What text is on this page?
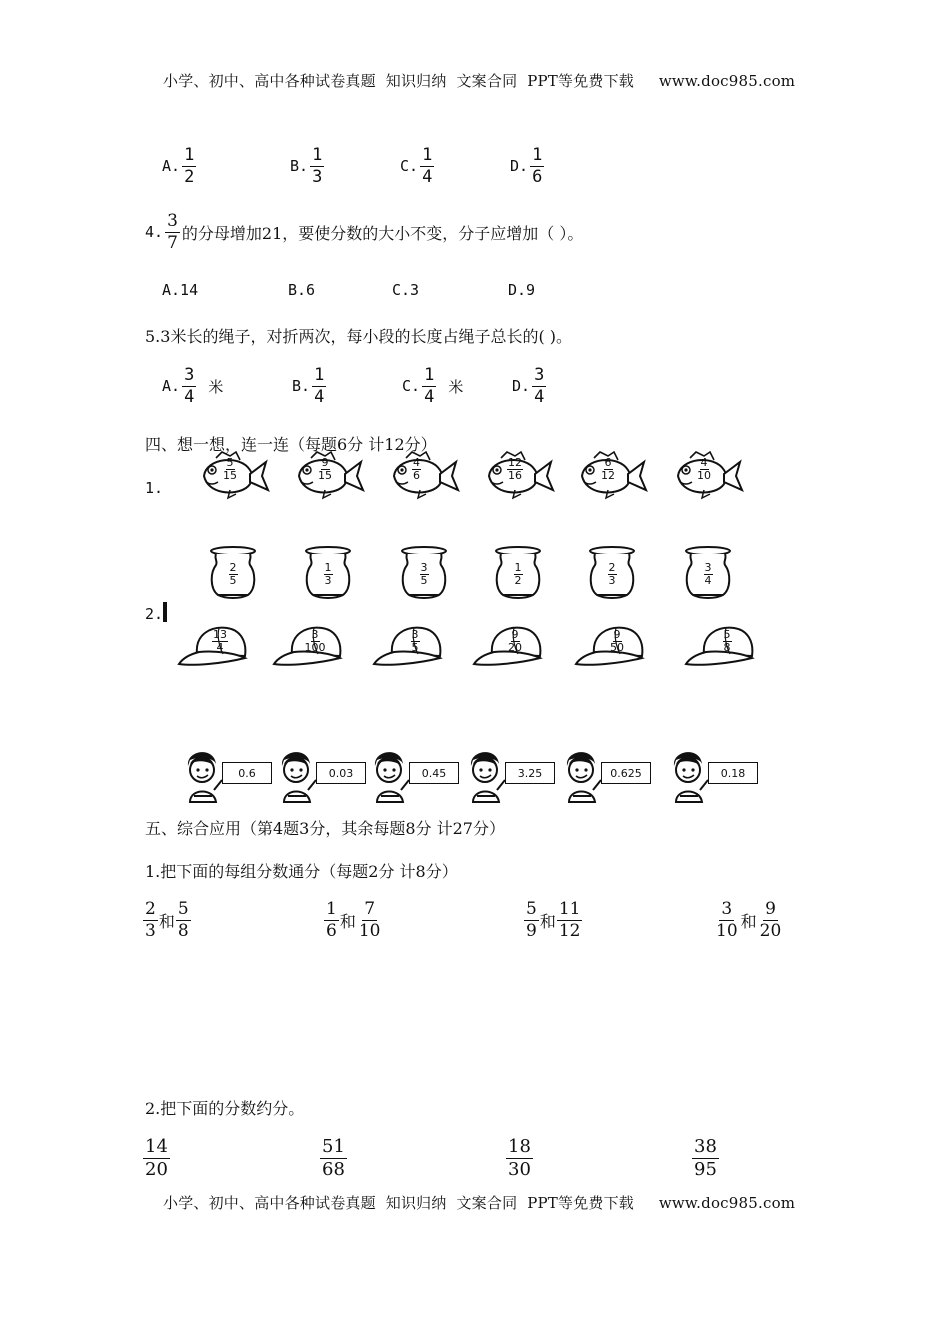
小学、初中、高中各种试卷真题  知识归纳  文案合同  PPT等免费下载     www.doc985.com
A. $\frac{1}{2}$	B. $\frac{1}{3}$	C. $\frac{1}{4}$	D. $\frac{1}{6}$
4. $\frac{3}{7}$ 的分母增加21，要使分数的大小不变，分子应增加（ ）。
A.14	B.6	C.3	D.9
5.3米长的绳子，对折两次，每小段的长度占绳子总长的( )。
A. $\frac{3}{4}$ 米	B. $\frac{1}{4}$	C. $\frac{1}{4}$ 米	D. $\frac{3}{4}$
四、想一想，连一连（每题6分 计12分）
1.
$\frac{5}{15}$	$\frac{9}{15}$	$\frac{4}{6}$	$\frac{12}{16}$	$\frac{6}{12}$	$\frac{4}{10}$
$\frac{2}{5}$	$\frac{1}{3}$	$\frac{3}{5}$	$\frac{1}{2}$	$\frac{2}{3}$	$\frac{3}{4}$
2.
$\frac{13}{4}$	$\frac{3}{100}$	$\frac{3}{5}$	$\frac{9}{20}$	$\frac{9}{50}$	$\frac{5}{8}$
0.6	0.03	0.45	3.25	0.625	0.18
五、综合应用（第4题3分，其余每题8分 计27分）
1.把下面的每组分数通分（每题2分 计8分）
$\frac{2}{3}$ 和 $\frac{5}{8}$	$\frac{1}{6}$ 和 $\frac{7}{10}$	$\frac{5}{9}$ 和 $\frac{11}{12}$	$\frac{3}{10}$ 和 $\frac{9}{20}$
2.把下面的分数约分。
$\frac{14}{20}$	$\frac{51}{68}$	$\frac{18}{30}$	$\frac{38}{95}$
小学、初中、高中各种试卷真题  知识归纳  文案合同  PPT等免费下载     www.doc985.com
